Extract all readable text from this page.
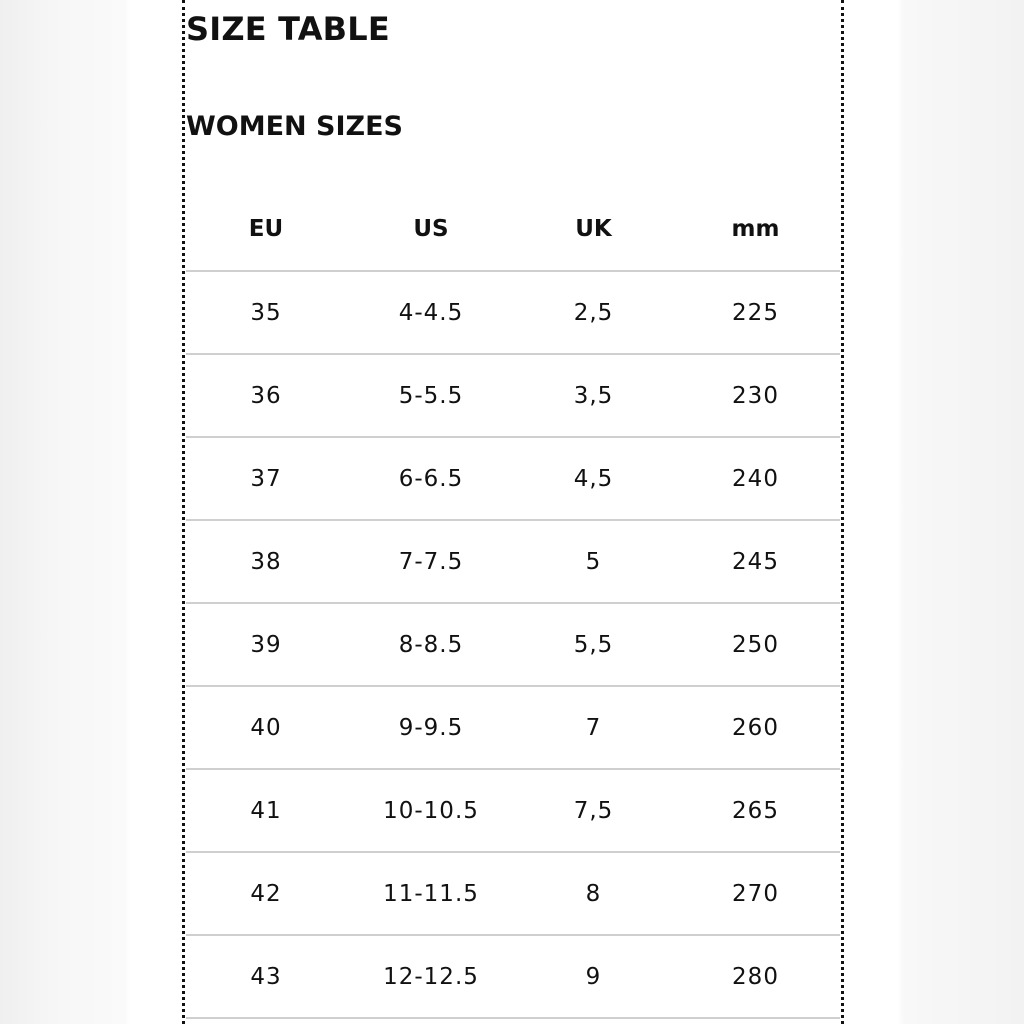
SIZE TABLE
WOMEN SIZES
EU	US	UK	mm
35	4-4.5	2,5	225
36	5-5.5	3,5	230
37	6-6.5	4,5	240
38	7-7.5	5	245
39	8-8.5	5,5	250
40	9-9.5	7	260
41	10-10.5	7,5	265
42	11-11.5	8	270
43	12-12.5	9	280
